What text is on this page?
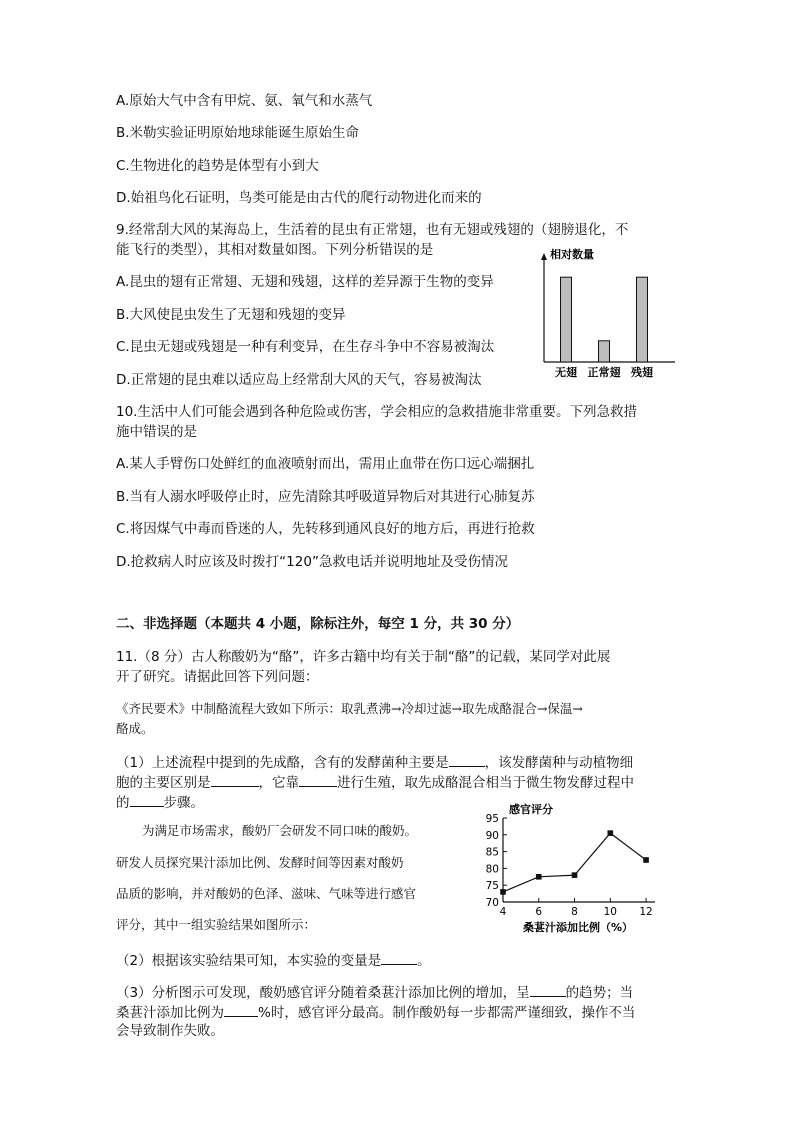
A.原始大气中含有甲烷、氨、氧气和水蒸气
B.米勒实验证明原始地球能诞生原始生命
C.生物进化的趋势是体型有小到大
D.始祖鸟化石证明，鸟类可能是由古代的爬行动物进化而来的
9.经常刮大风的某海岛上，生活着的昆虫有正常翅，也有无翅或残翅的（翅膀退化，不
能飞行的类型），其相对数量如图。下列分析错误的是
A.昆虫的翅有正常翅、无翅和残翅，这样的差异源于生物的变异
B.大风使昆虫发生了无翅和残翅的变异
C.昆虫无翅或残翅是一种有利变异，在生存斗争中不容易被淘汰
D.正常翅的昆虫难以适应岛上经常刮大风的天气，容易被淘汰
相对数量
无翅 正常翅 残翅
10.生活中人们可能会遇到各种危险或伤害，学会相应的急救措施非常重要。下列急救措
施中错误的是
A.某人手臂伤口处鲜红的血液喷射而出，需用止血带在伤口远心端捆扎
B.当有人溺水呼吸停止时，应先清除其呼吸道异物后对其进行心肺复苏
C.将因煤气中毒而昏迷的人，先转移到通风良好的地方后，再进行抢救
D.抢救病人时应该及时拨打“120”急救电话并说明地址及受伤情况
二、非选择题（本题共 4 小题，除标注外，每空 1 分，共 30 分）
11.（8 分）古人称酸奶为“酪”，许多古籍中均有关于制“酪”的记载，某同学对此展
开了研究。请据此回答下列问题：
《齐民要术》中制酪流程大致如下所示：取乳煮沸→冷却过滤→取先成酪混合→保温→
酪成。
（1）上述流程中提到的先成酪，含有的发酵菌种主要是	，该发酵菌种与动植物细
胞的主要区别是	，它靠	进行生殖，取先成酪混合相当于微生物发酵过程中
的	步骤。
为满足市场需求，酸奶厂会研发不同口味的酸奶。
研发人员探究果汁添加比例、发酵时间等因素对酸奶
品质的影响，并对酸奶的色泽、滋味、气味等进行感官
评分，其中一组实验结果如图所示：
感官评分
70
75
80
85
90
95
4	6	8 10 12
桑葚汁添加比例（%）
（2）根据该实验结果可知，本实验的变量是	。
（3）分析图示可发现，酸奶感官评分随着桑葚汁添加比例的增加，呈	的趋势；当
桑葚汁添加比例为	%时，感官评分最高。制作酸奶每一步都需严谨细致，操作不当
会导致制作失败。
